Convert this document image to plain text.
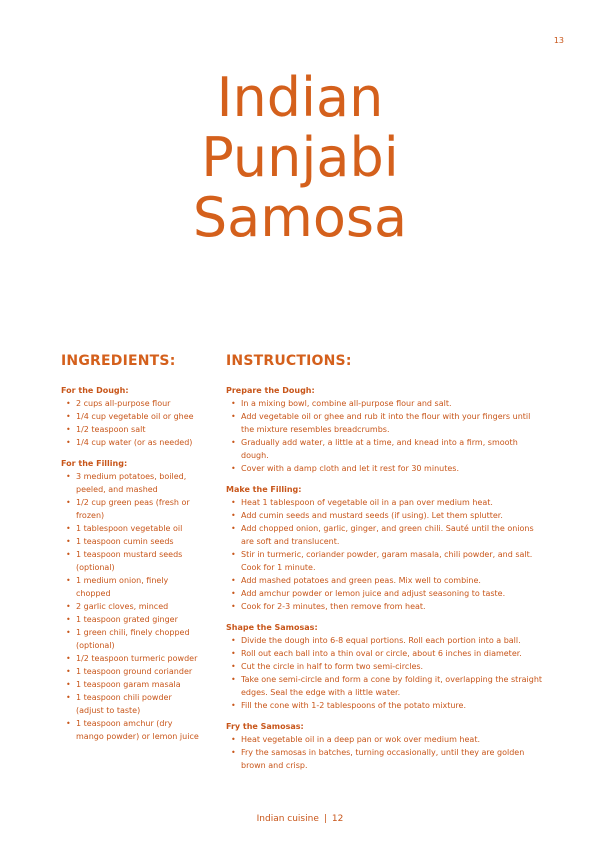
13
Indian
Punjabi
Samosa
INGREDIENTS:
For the Dough:
• 2 cups all-purpose flour
• 1/4 cup vegetable oil or ghee
• 1/2 teaspoon salt
• 1/4 cup water (or as needed)
For the Filling:
• 3 medium potatoes, boiled, peeled, and mashed
• 1/2 cup green peas (fresh or frozen)
• 1 tablespoon vegetable oil
• 1 teaspoon cumin seeds
• 1 teaspoon mustard seeds (optional)
• 1 medium onion, finely chopped
• 2 garlic cloves, minced
• 1 teaspoon grated ginger
• 1 green chili, finely chopped (optional)
• 1/2 teaspoon turmeric powder
• 1 teaspoon ground coriander
• 1 teaspoon garam masala
• 1 teaspoon chili powder (adjust to taste)
• 1 teaspoon amchur (dry mango powder) or lemon juice
INSTRUCTIONS:
Prepare the Dough:
• In a mixing bowl, combine all-purpose flour and salt.
• Add vegetable oil or ghee and rub it into the flour with your fingers until the mixture resembles breadcrumbs.
• Gradually add water, a little at a time, and knead into a firm, smooth dough.
• Cover with a damp cloth and let it rest for 30 minutes.
Make the Filling:
• Heat 1 tablespoon of vegetable oil in a pan over medium heat.
• Add cumin seeds and mustard seeds (if using). Let them splutter.
• Add chopped onion, garlic, ginger, and green chili. Sauté until the onions are soft and translucent.
• Stir in turmeric, coriander powder, garam masala, chili powder, and salt. Cook for 1 minute.
• Add mashed potatoes and green peas. Mix well to combine.
• Add amchur powder or lemon juice and adjust seasoning to taste.
• Cook for 2-3 minutes, then remove from heat.
Shape the Samosas:
• Divide the dough into 6-8 equal portions. Roll each portion into a ball.
• Roll out each ball into a thin oval or circle, about 6 inches in diameter.
• Cut the circle in half to form two semi-circles.
• Take one semi-circle and form a cone by folding it, overlapping the straight edges. Seal the edge with a little water.
• Fill the cone with 1-2 tablespoons of the potato mixture.
Fry the Samosas:
• Heat vegetable oil in a deep pan or wok over medium heat.
• Fry the samosas in batches, turning occasionally, until they are golden brown and crisp.
Indian cuisine | 12
